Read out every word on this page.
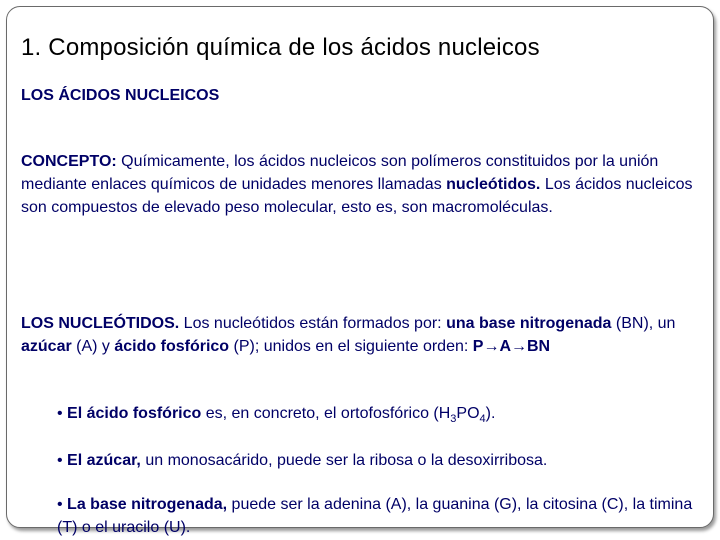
1. Composición química de los ácidos nucleicos

LOS ÁCIDOS NUCLEICOS

CONCEPTO: Químicamente, los ácidos nucleicos son polímeros constituidos por la unión mediante enlaces químicos de unidades menores llamadas nucleótidos. Los ácidos nucleicos son compuestos de elevado peso molecular, esto es, son macromoléculas.

LOS NUCLEÓTIDOS. Los nucleótidos están formados por: una base nitrogenada (BN), un azúcar (A) y ácido fosfórico (P); unidos en el siguiente orden: P→A→BN

• El ácido fosfórico es, en concreto, el ortofosfórico $(H_3PO_4)$.

• El azúcar, un monosacárido, puede ser la ribosa o la desoxirribosa.

• La base nitrogenada, puede ser la adenina (A), la guanina (G), la citosina (C), la timina (T) o el uracilo (U).
